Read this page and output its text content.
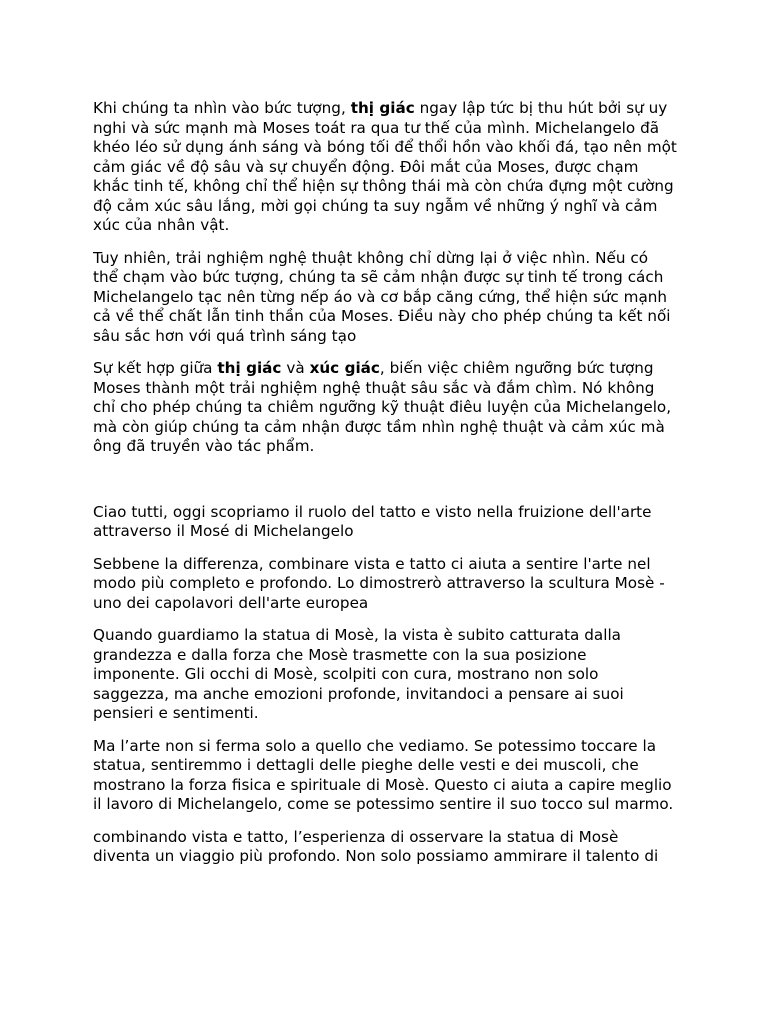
Khi chúng ta nhìn vào bức tượng, thị giác ngay lập tức bị thu hút bởi sự uy nghi và sức mạnh mà Moses toát ra qua tư thế của mình. Michelangelo đã khéo léo sử dụng ánh sáng và bóng tối để thổi hồn vào khối đá, tạo nên một cảm giác về độ sâu và sự chuyển động. Đôi mắt của Moses, được chạm khắc tinh tế, không chỉ thể hiện sự thông thái mà còn chứa đựng một cường độ cảm xúc sâu lắng, mời gọi chúng ta suy ngẫm về những ý nghĩ và cảm xúc của nhân vật.

Tuy nhiên, trải nghiệm nghệ thuật không chỉ dừng lại ở việc nhìn. Nếu có thể chạm vào bức tượng, chúng ta sẽ cảm nhận được sự tinh tế trong cách Michelangelo tạc nên từng nếp áo và cơ bắp căng cứng, thể hiện sức mạnh cả về thể chất lẫn tinh thần của Moses. Điều này cho phép chúng ta kết nối sâu sắc hơn với quá trình sáng tạo

Sự kết hợp giữa thị giác và xúc giác, biến việc chiêm ngưỡng bức tượng Moses thành một trải nghiệm nghệ thuật sâu sắc và đắm chìm. Nó không chỉ cho phép chúng ta chiêm ngưỡng kỹ thuật điêu luyện của Michelangelo, mà còn giúp chúng ta cảm nhận được tầm nhìn nghệ thuật và cảm xúc mà ông đã truyền vào tác phẩm.

Ciao tutti, oggi scopriamo il ruolo del tatto e visto nella fruizione dell'arte attraverso il Mosé di Michelangelo

Sebbene la differenza, combinare vista e tatto ci aiuta a sentire l'arte nel modo più completo e profondo. Lo dimostrerò attraverso la scultura Mosè - uno dei capolavori dell'arte europea

Quando guardiamo la statua di Mosè, la vista è subito catturata dalla grandezza e dalla forza che Mosè trasmette con la sua posizione imponente. Gli occhi di Mosè, scolpiti con cura, mostrano non solo saggezza, ma anche emozioni profonde, invitandoci a pensare ai suoi pensieri e sentimenti.

Ma l’arte non si ferma solo a quello che vediamo. Se potessimo toccare la statua, sentiremmo i dettagli delle pieghe delle vesti e dei muscoli, che mostrano la forza fisica e spirituale di Mosè. Questo ci aiuta a capire meglio il lavoro di Michelangelo, come se potessimo sentire il suo tocco sul marmo.

combinando vista e tatto, l’esperienza di osservare la statua di Mosè diventa un viaggio più profondo. Non solo possiamo ammirare il talento di
